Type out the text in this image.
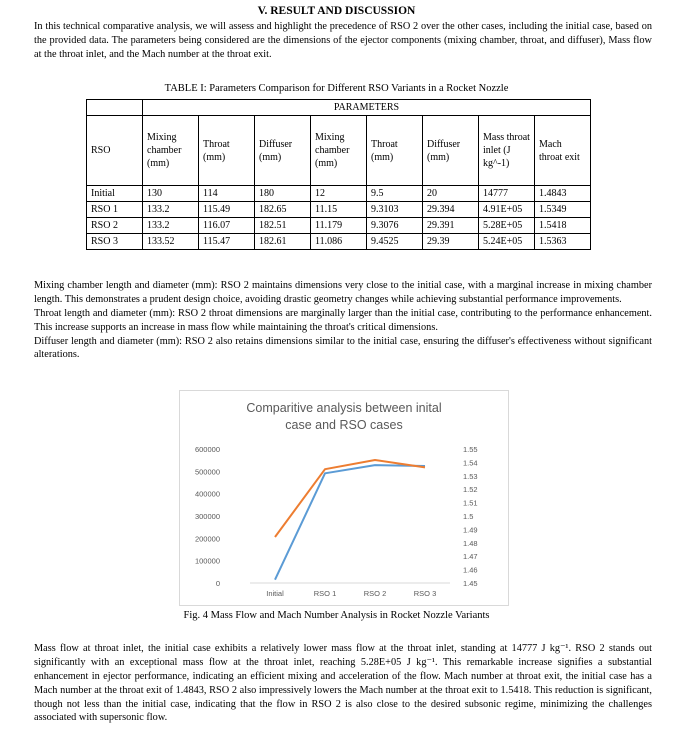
V. RESULT AND DISCUSSION
In this technical comparative analysis, we will assess and highlight the precedence of RSO 2 over the other cases, including the initial case, based on the provided data. The parameters being considered are the dimensions of the ejector components (mixing chamber, throat, and diffuser), Mass flow at the throat inlet, and the Mach number at the throat exit.
TABLE I: Parameters Comparison for Different RSO Variants in a Rocket Nozzle
	PARAMETERS							
RSO	Mixing chamber (mm)	Throat (mm)	Diffuser (mm)	Mixing chamber (mm)	Throat (mm)	Diffuser (mm)	Mass throat inlet (J kg^-1)	Mach throat exit
Initial	130	114	180	12	9.5	20	14777	1.4843
RSO 1	133.2	115.49	182.65	11.15	9.3103	29.394	4.91E+05	1.5349
RSO 2	133.2	116.07	182.51	11.179	9.3076	29.391	5.28E+05	1.5418
RSO 3	133.52	115.47	182.61	11.086	9.4525	29.39	5.24E+05	1.5363

Mixing chamber length and diameter (mm): RSO 2 maintains dimensions very close to the initial case, with a marginal increase in mixing chamber length. This demonstrates a prudent design choice, avoiding drastic geometry changes while achieving substantial performance improvements.

Throat length and diameter (mm): RSO 2 throat dimensions are marginally larger than the initial case, contributing to the performance enhancement. This increase supports an increase in mass flow while maintaining the throat's critical dimensions.

Diffuser length and diameter (mm): RSO 2 also retains dimensions similar to the initial case, ensuring the diffuser's effectiveness without significant alterations.

Comparitive analysis between inital
case and RSO cases
0
100000
200000
300000
400000
500000
600000
1.45
1.46
1.47
1.48
1.49
1.5
1.51
1.52
1.53
1.54
1.55
Initial	RSO 1	RSO 2	RSO 3
Fig. 4 Mass Flow and Mach Number Analysis in Rocket Nozzle Variants
Mass flow at throat inlet, the initial case exhibits a relatively lower mass flow at the throat inlet, standing at 14777 J kg⁻¹. RSO 2 stands out significantly with an exceptional mass flow at the throat inlet, reaching 5.28E+05 J kg⁻¹. This remarkable increase signifies a substantial enhancement in ejector performance, indicating an efficient mixing and acceleration of the flow. Mach number at throat exit, the initial case has a Mach number at the throat exit of 1.4843, RSO 2 also impressively lowers the Mach number at the throat exit to 1.5418. This reduction is significant, though not less than the initial case, indicating that the flow in RSO 2 is also close to the desired subsonic regime, minimizing the challenges associated with supersonic flow.
